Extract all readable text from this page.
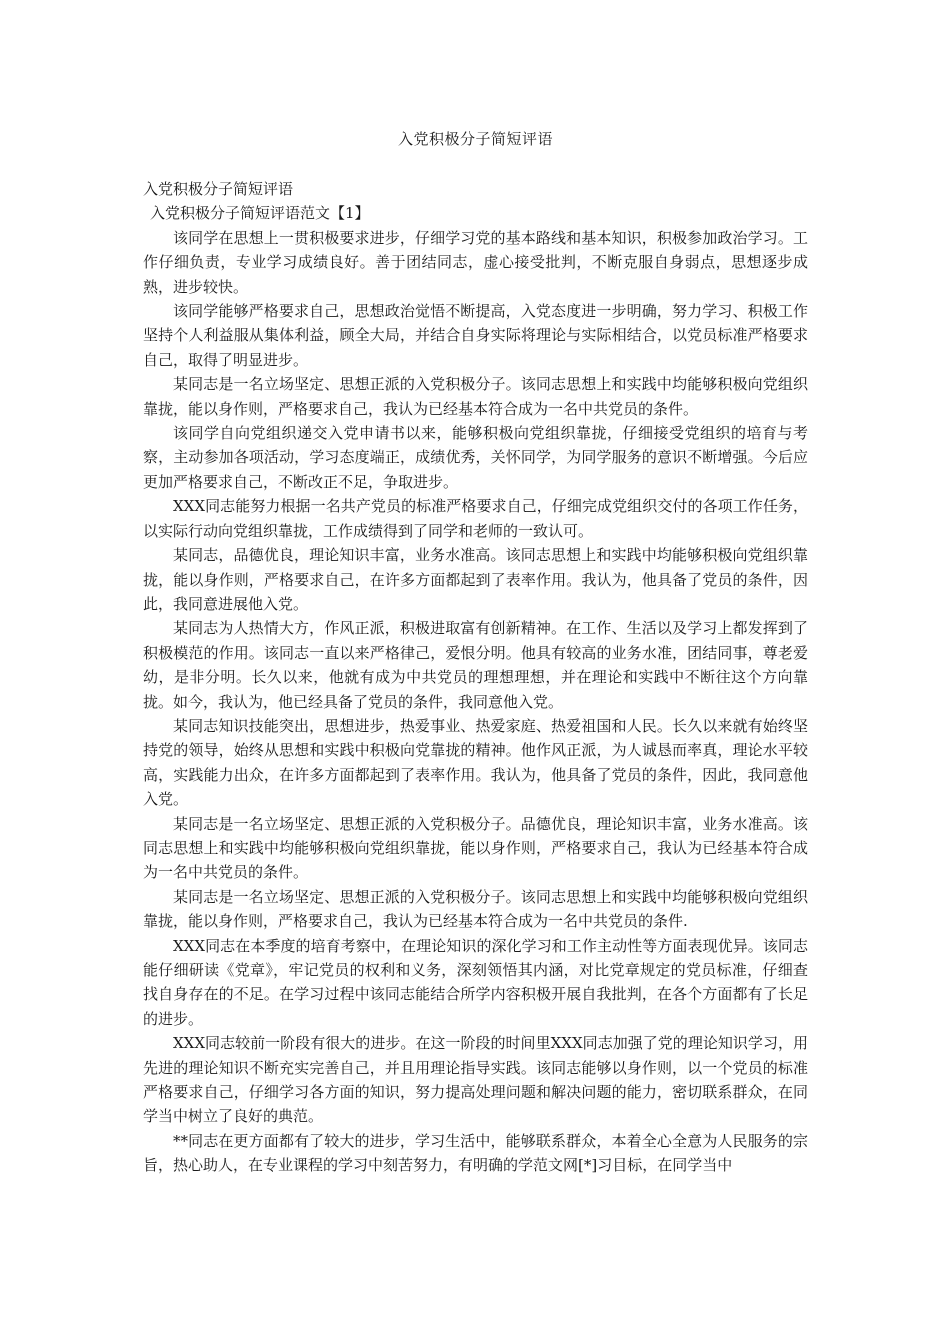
入党积极分子简短评语

入党积极分子简短评语

入党积极分子简短评语范文【1】

该同学在思想上一贯积极要求进步，仔细学习党的基本路线和基本知识，积极参加政治学习。工作仔细负责，专业学习成绩良好。善于团结同志，虚心接受批判，不断克服自身弱点，思想逐步成熟，进步较快。

该同学能够严格要求自己，思想政治觉悟不断提高，入党态度进一步明确，努力学习、积极工作坚持个人利益服从集体利益，顾全大局，并结合自身实际将理论与实际相结合，以党员标准严格要求自己，取得了明显进步。

某同志是一名立场坚定、思想正派的入党积极分子。该同志思想上和实践中均能够积极向党组织靠拢，能以身作则，严格要求自己，我认为已经基本符合成为一名中共党员的条件。

该同学自向党组织递交入党申请书以来，能够积极向党组织靠拢，仔细接受党组织的培育与考察，主动参加各项活动，学习态度端正，成绩优秀，关怀同学，为同学服务的意识不断增强。今后应更加严格要求自己，不断改正不足，争取进步。

XXX同志能努力根据一名共产党员的标准严格要求自己，仔细完成党组织交付的各项工作任务，以实际行动向党组织靠拢，工作成绩得到了同学和老师的一致认可。

某同志，品德优良，理论知识丰富，业务水准高。该同志思想上和实践中均能够积极向党组织靠拢，能以身作则，严格要求自己，在许多方面都起到了表率作用。我认为，他具备了党员的条件，因此，我同意进展他入党。

某同志为人热情大方，作风正派，积极进取富有创新精神。在工作、生活以及学习上都发挥到了积极模范的作用。该同志一直以来严格律己，爱恨分明。他具有较高的业务水准，团结同事，尊老爱幼，是非分明。长久以来，他就有成为中共党员的理想理想，并在理论和实践中不断往这个方向靠拢。如今，我认为，他已经具备了党员的条件，我同意他入党。

某同志知识技能突出，思想进步，热爱事业、热爱家庭、热爱祖国和人民。长久以来就有始终坚持党的领导，始终从思想和实践中积极向党靠拢的精神。他作风正派，为人诚恳而率真，理论水平较高，实践能力出众，在许多方面都起到了表率作用。我认为，他具备了党员的条件，因此，我同意他入党。

某同志是一名立场坚定、思想正派的入党积极分子。品德优良，理论知识丰富，业务水准高。该同志思想上和实践中均能够积极向党组织靠拢，能以身作则，严格要求自己，我认为已经基本符合成为一名中共党员的条件。

某同志是一名立场坚定、思想正派的入党积极分子。该同志思想上和实践中均能够积极向党组织靠拢，能以身作则，严格要求自己，我认为已经基本符合成为一名中共党员的条件.

XXX同志在本季度的培育考察中，在理论知识的深化学习和工作主动性等方面表现优异。该同志能仔细研读《党章》，牢记党员的权利和义务，深刻领悟其内涵，对比党章规定的党员标准，仔细查找自身存在的不足。在学习过程中该同志能结合所学内容积极开展自我批判，在各个方面都有了长足的进步。

XXX同志较前一阶段有很大的进步。在这一阶段的时间里XXX同志加强了党的理论知识学习，用先进的理论知识不断充实完善自己，并且用理论指导实践。该同志能够以身作则，以一个党员的标准严格要求自己，仔细学习各方面的知识，努力提高处理问题和解决问题的能力，密切联系群众，在同学当中树立了良好的典范。

**同志在更方面都有了较大的进步，学习生活中，能够联系群众，本着全心全意为人民服务的宗旨，热心助人，在专业课程的学习中刻苦努力，有明确的学范文网[*]习目标，在同学当中
